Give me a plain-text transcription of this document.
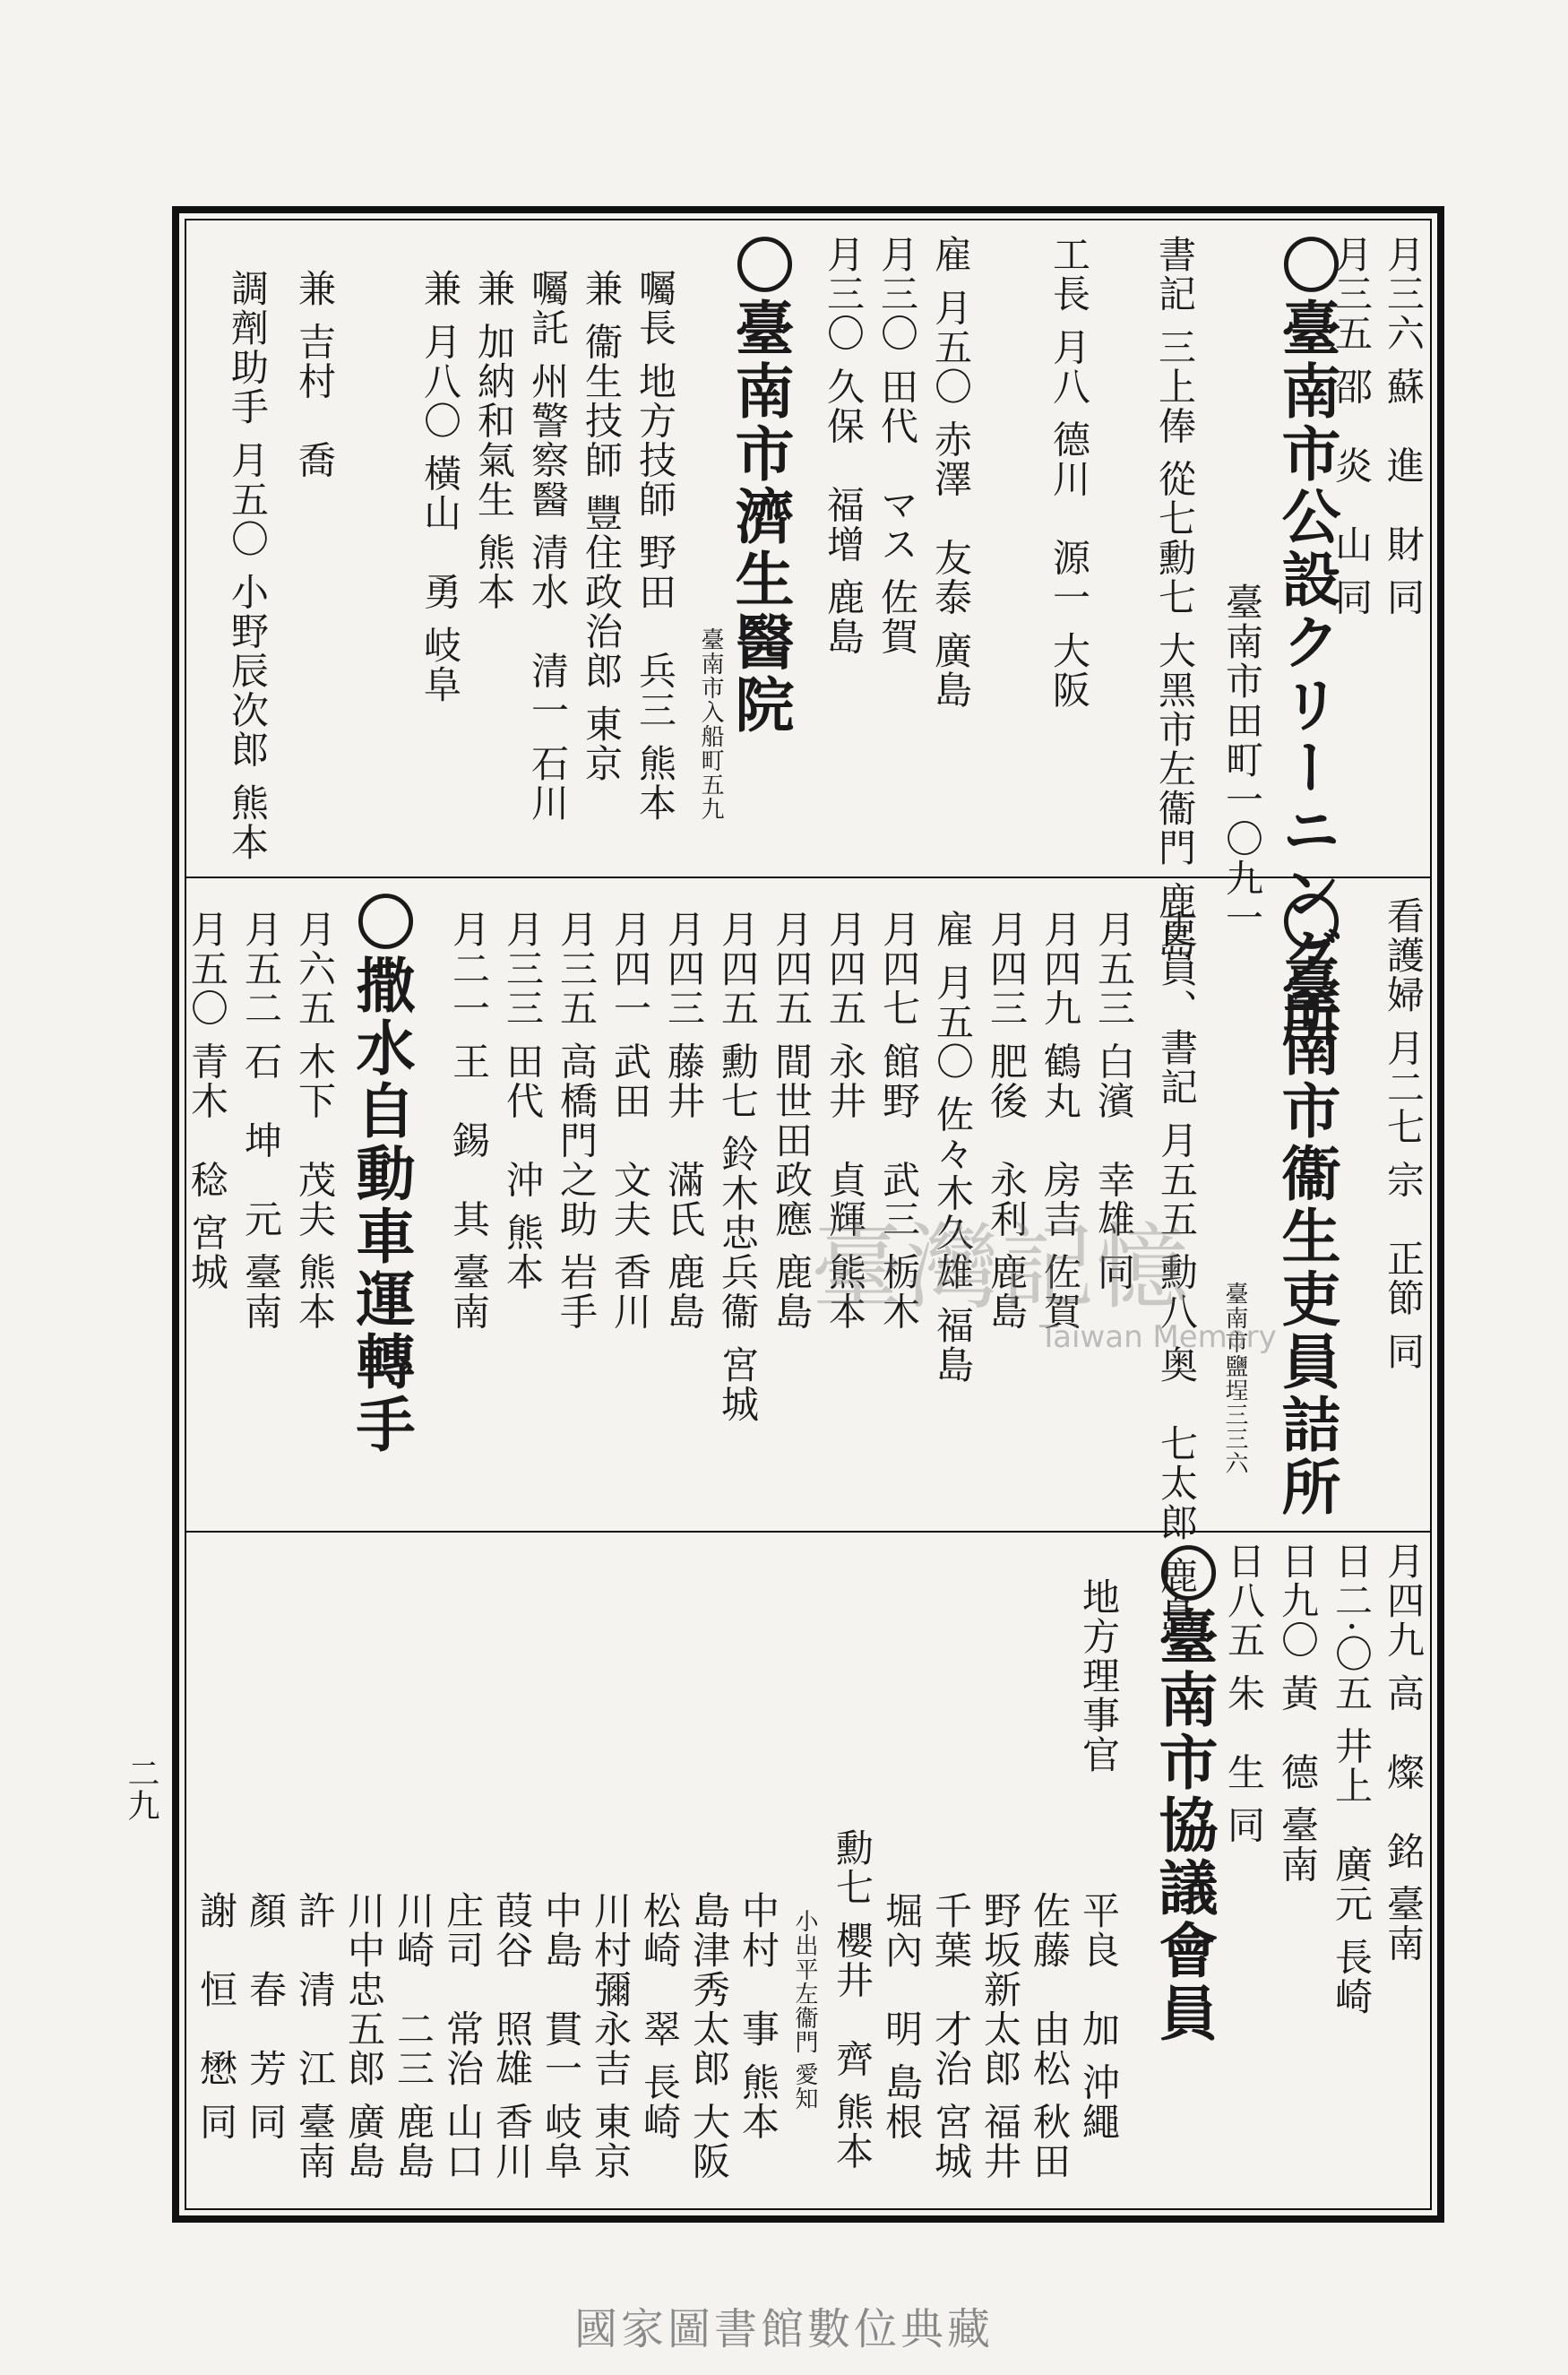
〇臺南市公設クリーニング所
臺南市田町一〇九一
月三六 蘇　進　財 同
月三五 邵　炎　山 同
書記 三上俸 從七勳七 大黑市左衞門 鹿島
工長 月八 德川　源一 大阪
雇 月五〇 赤澤　友泰 廣島
月三〇 田代　マス 佐賀
月三〇 久保　福增 鹿島
〇臺南市濟生醫院
臺南市入船町五九
囑長 地方技師 野田　兵三 熊本
兼 衞生技師 豐住政治郎 東京
囑託 州警察醫 清水　清一 石川
兼 加納和氣生 熊本
兼 月八〇 橫山　勇 岐阜
兼 吉村　喬
調劑助手 月五〇 小野辰次郎 熊本
看護婦 月二七 宗　正節 同
〇臺南市衞生吏員詰所
臺南市鹽埕三三六
吏員、書記 月五五 勳八 奥　七太郎 鹿島
月五三 白濱　幸雄 同
月四九 鶴丸　房吉 佐賀
月四三 肥後　永利 鹿島
雇 月五〇 佐々木久雄 福島
月四七 館野　武三 栃木
月四五 永井　貞輝 熊本
月四五 間世田政應 鹿島
月四五 勳七 鈴木忠兵衞 宮城
月四三 藤井　滿氏 鹿島
月四一 武田　文夫 香川
月三五 高橋門之助 岩手
月三三 田代　沖 熊本
月二一 王　錫　其 臺南
〇撒水自動車運轉手
月六五 木下　茂夫 熊本
月五二 石　坤　元 臺南
月五〇 青木　稔 宮城
月四九 高　燦　銘 臺南
日二·〇五 井上　廣元 長崎
日九〇 黃　德 臺南
日八五 朱　生 同
〇臺南市協議會員
地方理事官
平良　加 沖繩
佐藤　由松 秋田
野坂新太郎 福井
千葉　才治 宮城
堀內　明 島根
勳七 櫻井　齊 熊本
小出平左衞門 愛知
中村　事 熊本
島津秀太郎 大阪
松崎　翠 長崎
川村彌永吉 東京
中島　貫一 岐阜
葭谷　照雄 香川
庄司　常治 山口
川崎　二三 鹿島
川中忠五郎 廣島
許　清　江 臺南
顏　春　芳 同
謝　恒　懋 同
二九
臺灣記憶
Taiwan Memory
國家圖書館數位典藏
